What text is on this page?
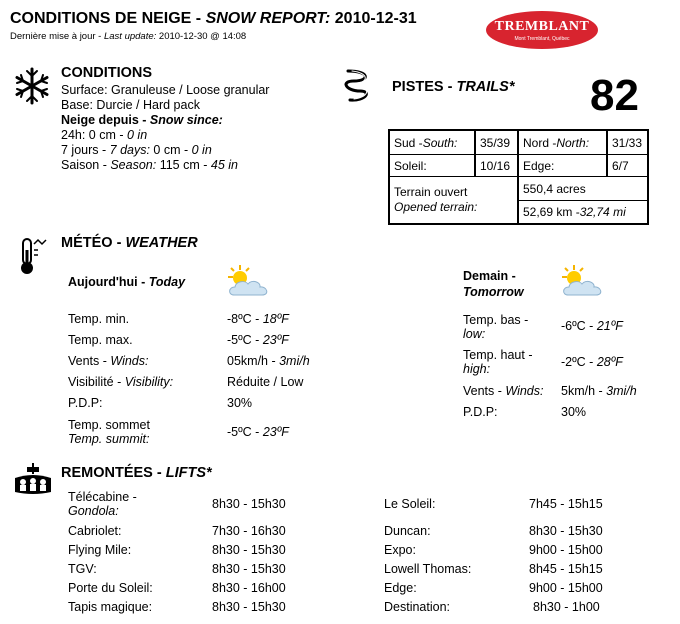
CONDITIONS DE NEIGE - SNOW REPORT: 2010-12-31
Dernière mise à jour - Last update: 2010-12-30 @ 14:08
TREMBLANT
Mont Tremblant, Québec
CONDITIONS
Surface: Granuleuse / Loose granular
Base: Durcie / Hard pack
Neige depuis - Snow since:
24h: 0 cm - 0 in
7 jours - 7 days: 0 cm - 0 in
Saison - Season: 115 cm - 45 in
PISTES - TRAILS* 82
Sud - South:	35/39	Nord - North:	31/33
Soleil:	10/16	Edge:	6/7
Terrain ouvert
Opened terrain:
550,4 acres
52,69 km - 32,74 mi
MÉTÉO - WEATHER
Aujourd'hui - Today	Demain -
Tomorrow
Temp. min.	-8ºC - 18ºF
Temp. max.	-5ºC - 23ºF
Vents - Winds:	05km/h - 3mi/h
Visibilité - Visibility:	Réduite / Low
P.D.P:	30%
Temp. sommet
Temp. summit:	-5ºC - 23ºF
Temp. bas -
low:
-6ºC - 21ºF
Temp. haut -
high:	-2ºC - 28ºF
Vents - Winds: 5km/h - 3mi/h
P.D.P:	30%
REMONTÉES - LIFTS*
Télécabine -
Gondola:	8h30 - 15h30
Cabriolet:	7h30 - 16h30
Flying Mile:	8h30 - 15h30
TGV:	8h30 - 15h30
Porte du Soleil:	8h30 - 16h00
Tapis magique:	8h30 - 15h30
Le Soleil:	7h45 - 15h15
Duncan:	8h30 - 15h30
Expo:	9h00 - 15h00
Lowell Thomas:	8h45 - 15h15
Edge:	9h00 - 15h00
Destination:	8h30 - 1h00
